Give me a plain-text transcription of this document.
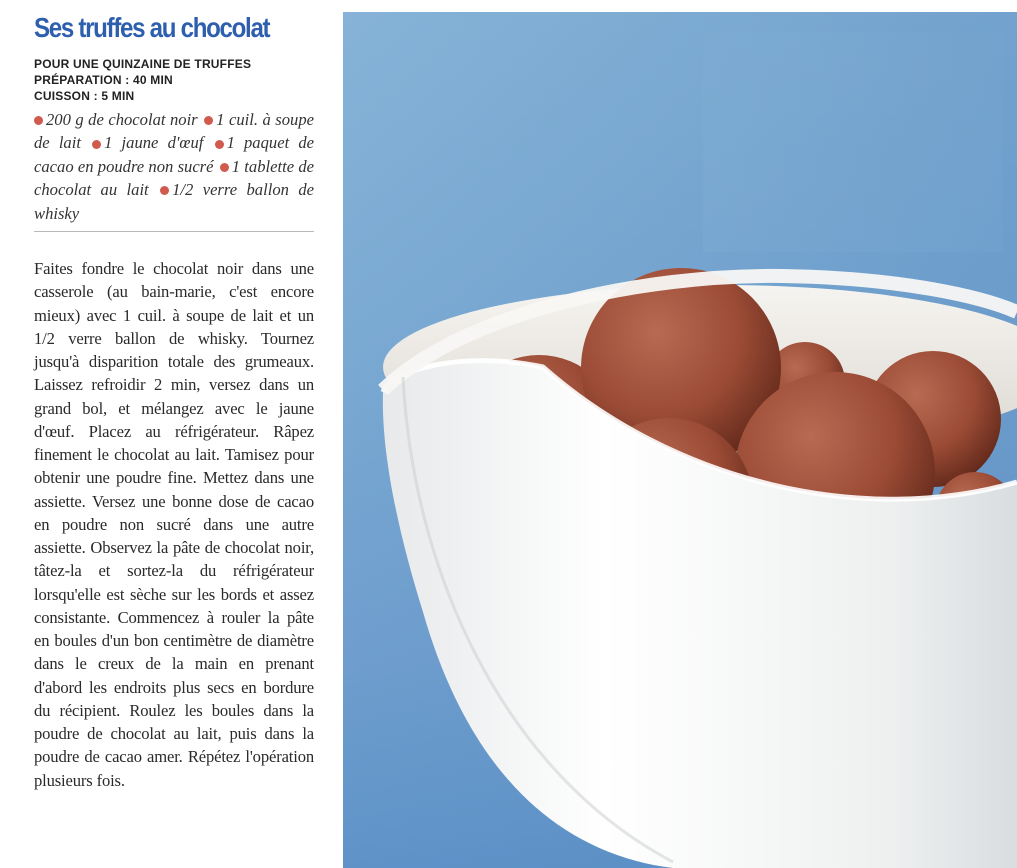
Ses truffes au chocolat
POUR UNE QUINZAINE DE TRUFFES
PRÉPARATION : 40 MIN
CUISSON : 5 MIN
200 g de chocolat noir 1 cuil. à soupe de lait 1 jaune d'œuf 1 paquet de cacao en poudre non sucré 1 tablette de chocolat au lait 1/2 verre ballon de whisky

Faites fondre le chocolat noir dans une casserole (au bain-marie, c'est encore mieux) avec 1 cuil. à soupe de lait et un 1/2 verre ballon de whisky. Tournez jusqu'à disparition totale des grumeaux. Laissez refroidir 2 min, versez dans un grand bol, et mélangez avec le jaune d'œuf. Placez au réfrigérateur. Râpez finement le chocolat au lait. Tamisez pour obtenir une poudre fine. Mettez dans une assiette. Versez une bonne dose de cacao en poudre non sucré dans une autre assiette. Observez la pâte de chocolat noir, tâtez-la et sortez-la du réfrigérateur lorsqu'elle est sèche sur les bords et assez consistante. Commencez à rouler la pâte en boules d'un bon centimètre de diamètre dans le creux de la main en prenant d'abord les endroits plus secs en bordure du récipient. Roulez les boules dans la poudre de chocolat au lait, puis dans la poudre de cacao amer. Répétez l'opération plusieurs fois.
